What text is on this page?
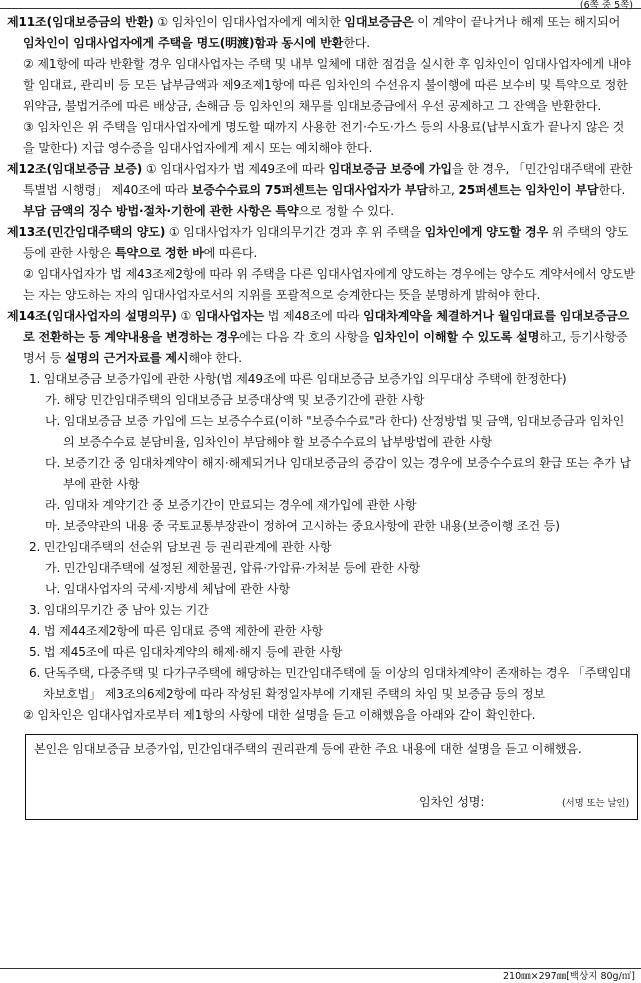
(6쪽 중 5쪽)

제11조(임대보증금의 반환) ① 임차인이 임대사업자에게 예치한 임대보증금은 이 계약이 끝나거나 해제 또는 해지되어 임차인이 임대사업자에게 주택을 명도(明渡)함과 동시에 반환한다.

② 제1항에 따라 반환할 경우 임대사업자는 주택 및 내부 일체에 대한 점검을 실시한 후 임차인이 임대사업자에게 내야 할 임대료, 관리비 등 모든 납부금액과 제9조제1항에 따른 임차인의 수선유지 불이행에 따른 보수비 및 특약으로 정한 위약금, 불법거주에 따른 배상금, 손해금 등 임차인의 채무를 임대보증금에서 우선 공제하고 그 잔액을 반환한다.

③ 임차인은 위 주택을 임대사업자에게 명도할 때까지 사용한 전기·수도·가스 등의 사용료(납부시효가 끝나지 않은 것을 말한다) 지급 영수증을 임대사업자에게 제시 또는 예치해야 한다.

제12조(임대보증금 보증) ① 임대사업자가 법 제49조에 따라 임대보증금 보증에 가입을 한 경우, 「민간임대주택에 관한 특별법 시행령」 제40조에 따라 보증수수료의 75퍼센트는 임대사업자가 부담하고, 25퍼센트는 임차인이 부담한다. 부담 금액의 징수 방법·절차·기한에 관한 사항은 특약으로 정할 수 있다.

제13조(민간임대주택의 양도) ① 임대사업자가 임대의무기간 경과 후 위 주택을 임차인에게 양도할 경우 위 주택의 양도 등에 관한 사항은 특약으로 정한 바에 따른다.

② 임대사업자가 법 제43조제2항에 따라 위 주택을 다른 임대사업자에게 양도하는 경우에는 양수도 계약서에서 양도받는 자는 양도하는 자의 임대사업자로서의 지위를 포괄적으로 승계한다는 뜻을 분명하게 밝혀야 한다.

제14조(임대사업자의 설명의무) ① 임대사업자는 법 제48조에 따라 임대차계약을 체결하거나 월임대료를 임대보증금으로 전환하는 등 계약내용을 변경하는 경우에는 다음 각 호의 사항을 임차인이 이해할 수 있도록 설명하고, 등기사항증명서 등 설명의 근거자료를 제시해야 한다.

1. 임대보증금 보증가입에 관한 사항(법 제49조에 따른 임대보증금 보증가입 의무대상 주택에 한정한다)

가. 해당 민간임대주택의 임대보증금 보증대상액 및 보증기간에 관한 사항

나. 임대보증금 보증 가입에 드는 보증수수료(이하 "보증수수료"라 한다) 산정방법 및 금액, 임대보증금과 임차인의 보증수수료 분담비율, 임차인이 부담해야 할 보증수수료의 납부방법에 관한 사항

다. 보증기간 중 임대차계약이 해지·해제되거나 임대보증금의 증감이 있는 경우에 보증수수료의 환급 또는 추가 납부에 관한 사항

라. 임대차 계약기간 중 보증기간이 만료되는 경우에 재가입에 관한 사항

마. 보증약관의 내용 중 국토교통부장관이 정하여 고시하는 중요사항에 관한 내용(보증이행 조건 등)

2. 민간임대주택의 선순위 담보권 등 권리관계에 관한 사항

가. 민간임대주택에 설정된 제한물권, 압류·가압류·가처분 등에 관한 사항

나. 임대사업자의 국세·지방세 체납에 관한 사항

3. 임대의무기간 중 남아 있는 기간

4. 법 제44조제2항에 따른 임대료 증액 제한에 관한 사항

5. 법 제45조에 따른 임대차계약의 해제·해지 등에 관한 사항

6. 단독주택, 다중주택 및 다가구주택에 해당하는 민간임대주택에 둘 이상의 임대차계약이 존재하는 경우 「주택임대차보호법」 제3조의6제2항에 따라 작성된 확정일자부에 기재된 주택의 차임 및 보증금 등의 정보

② 임차인은 임대사업자로부터 제1항의 사항에 대한 설명을 듣고 이해했음을 아래와 같이 확인한다.

본인은 임대보증금 보증가입, 민간임대주택의 권리관계 등에 관한 주요 내용에 대한 설명을 듣고 이해했음.
임차인 성명:	(서명 또는 날인)
210㎜×297㎜[백상지 80g/㎡]
